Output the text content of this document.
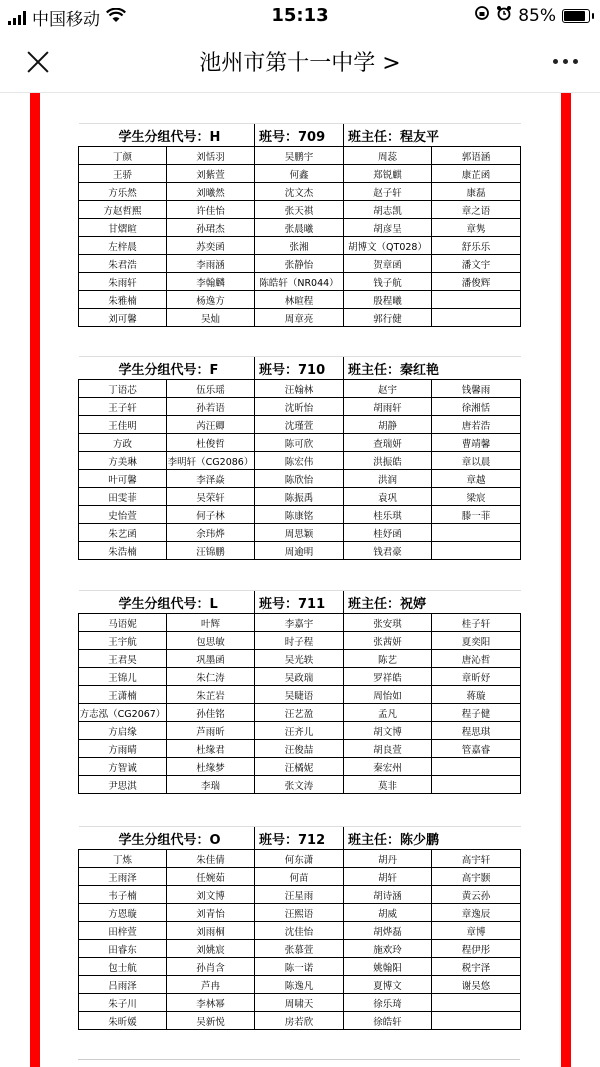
中国移动	15:13	85%
池州市第十一中学 >
学生分组代号：H		班号：709	班主任：程友平	
丁颜	刘恬羽	吴鹏宇	周蕊	郭语涵
王骄	刘紫萱	何鑫	郑锐麒	康芷函
方乐然	刘曦然	沈文杰	赵子轩	康磊
方赵哲熙	许佳怡	张天祺	胡志凯	章之语
甘熠暄	孙珺杰	张晨曦	胡彦呈	章隽
左梓晨	苏奕函	张湘	胡博文（QT028）	舒乐乐
朱君浩	李雨涵	张静怡	贺章函	潘文宇
朱雨轩	李翰麟	陈皓轩（NR044）	钱子航	潘俊辉
朱雅楠	杨逸方	林暄程	殷程曦	
刘可馨	吴灿	周章亮	郭行健	
学生分组代号：F		班号：710	班主任：秦红艳	
丁语芯	伍乐瑶	汪翰林	赵宇	钱馨雨
王子轩	孙若语	沈昕怡	胡雨轩	徐湘恬
王佳明	芮汪卿	沈瑾萱	胡静	唐若浩
方政	杜俊哲	陈可欣	查瑞妍	曹靖馨
方美琳	李明轩（CG2086）	陈宏伟	洪振皓	章以晨
叶可馨	李泽焱	陈欣怡	洪润	章越
田雯菲	吴荣轩	陈振禹	袁巩	梁宸
史怡萱	何子林	陈康铭	桂乐琪	滕一菲
朱艺函	余玮烨	周思颖	桂妤函	
朱浩楠	汪锦鹏	周逾明	钱君豪	
学生分组代号：L		班号：711	班主任：祝婷	
马语妮	叶辉	李嘉宇	张安琪	桂子轩
王宇航	包思敏	时子程	张茜妍	夏奕阳
王君昊	巩墨函	吴光轶	陈艺	唐沁哲
王锦儿	朱仁涛	吴政瑞	罗祥皓	章昕妤
王潇楠	朱芷岩	吴睫语	周怡如	蒋璇
方志泓（CG2067）	孙佳铭	汪艺盈	孟凡	程子健
方启缘	芦雨昕	汪齐儿	胡文博	程思琪
方雨晴	杜缘君	汪俊喆	胡良萱	管嘉睿
方智诚	杜缘梦	汪橘妮	秦宏州	
尹思淇	李瑞	张文涛	莫非	
学生分组代号：O		班号：712	班主任：陈少鹏	
丁炼	朱佳倩	何东潇	胡丹	高宇轩
王雨泽	任婉茹	何苗	胡轩	高宇颢
韦子楠	刘文博	汪星雨	胡诗涵	黄云孙
方恩璇	刘青怡	汪熙语	胡威	章逸辰
田梓萱	刘雨桐	沈佳怡	胡烨磊	章博
田睿东	刘姚宸	张慕萱	施欢玲	程伊彤
包士航	孙肖含	陈一诺	姚翰阳	税宇泽
吕雨泽	芦冉	陈逸凡	夏博文	谢吴悠
朱子川	李林幂	周啸天	徐乐琦	
朱昕媛	吴新悦	房若欣	徐皓轩	
